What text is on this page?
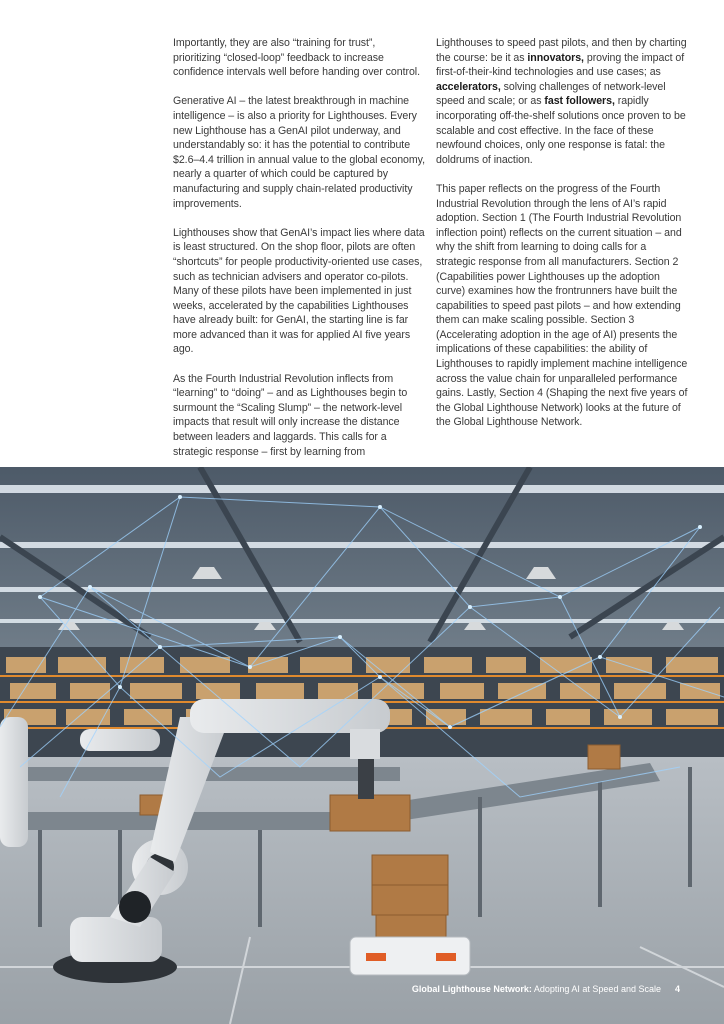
Importantly, they are also “training for trust”, prioritizing “closed-loop” feedback to increase confidence intervals well before handing over control.

Generative AI – the latest breakthrough in machine intelligence – is also a priority for Lighthouses. Every new Lighthouse has a GenAI pilot underway, and understandably so: it has the potential to contribute $2.6–4.4 trillion in annual value to the global economy, nearly a quarter of which could be captured by manufacturing and supply chain-related productivity improvements.

Lighthouses show that GenAI’s impact lies where data is least structured. On the shop floor, pilots are often “shortcuts” for people productivity-oriented use cases, such as technician advisers and operator co-pilots. Many of these pilots have been implemented in just weeks, accelerated by the capabilities Lighthouses have already built: for GenAI, the starting line is far more advanced than it was for applied AI five years ago.

As the Fourth Industrial Revolution inflects from “learning” to “doing” – and as Lighthouses begin to surmount the “Scaling Slump” – the network-level impacts that result will only increase the distance between leaders and laggards. This calls for a strategic response – first by learning from

Lighthouses to speed past pilots, and then by charting the course: be it as innovators, proving the impact of first-of-their-kind technologies and use cases; as accelerators, solving challenges of network-level speed and scale; or as fast followers, rapidly incorporating off-the-shelf solutions once proven to be scalable and cost effective. In the face of these newfound choices, only one response is fatal: the doldrums of inaction.

This paper reflects on the progress of the Fourth Industrial Revolution through the lens of AI’s rapid adoption. Section 1 (The Fourth Industrial Revolution inflection point) reflects on the current situation – and why the shift from learning to doing calls for a strategic response from all manufacturers. Section 2 (Capabilities power Lighthouses up the adoption curve) examines how the frontrunners have built the capabilities to speed past pilots – and how extending them can make scaling possible. Section 3 (Accelerating adoption in the age of AI) presents the implications of these capabilities: the ability of Lighthouses to rapidly implement machine intelligence across the value chain for unparalleled performance gains. Lastly, Section 4 (Shaping the next five years of the Global Lighthouse Network) looks at the future of the Global Lighthouse Network.

Global Lighthouse Network: Adopting AI at Speed and Scale 4
